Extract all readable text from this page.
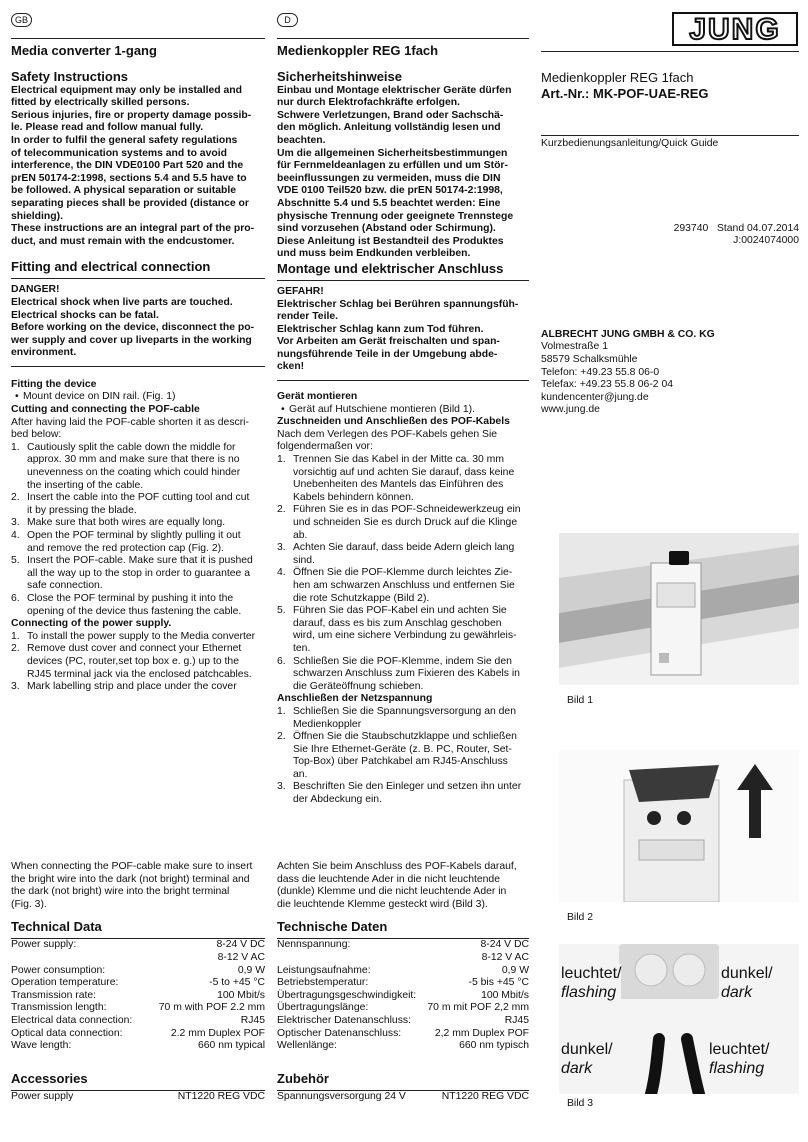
JUNG
GB
Media converter 1-gang
Safety Instructions

Electrical equipment may only be installed and

fitted by electrically skilled persons.

Serious injuries, fire or property damage possib-

le. Please read and follow manual fully.

In order to fulfil the general safety regulations

of telecommunication systems and to avoid

interference, the DIN VDE0100 Part 520 and the

prEN 50174-2:1998, sections 5.4 and 5.5 have to

be followed. A physical separation or suitable

separating pieces shall be provided (distance or

shielding).

These instructions are an integral part of the pro-

duct, and must remain with the endcustomer.

Fitting and electrical connection

DANGER!

Electrical shock when live parts are touched.

Electrical shocks can be fatal.

Before working on the device, disconnect the po-

wer supply and cover up liveparts in the working

environment.

Fitting the device

• Mount device on DIN rail. (Fig. 1)

Cutting and connecting the POF-cable

After having laid the POF-cable shorten it as descri-

bed below:

1. Cautiously split the cable down the middle for

approx. 30 mm and make sure that there is no

unevenness on the coating which could hinder

the inserting of the cable.

2. Insert the cable into the POF cutting tool and cut

it by pressing the blade.

3. Make sure that both wires are equally long.

4. Open the POF terminal by slightly pulling it out

and remove the red protection cap (Fig. 2).

5. Insert the POF-cable. Make sure that it is pushed

all the way up to the stop in order to guarantee a

safe connection.

6. Close the POF terminal by pushing it into the

opening of the device thus fastening the cable.

Connecting of the power supply.

1. To install the power supply to the Media converter

2. Remove dust cover and connect your Ethernet

devices (PC, router,set top box e. g.) up to the

RJ45 terminal jack via the enclosed patchcables.

3. Mark labelling strip and place under the cover

When connecting the POF-cable make sure to insert

the bright wire into the dark (not bright) terminal and

the dark (not bright) wire into the bright terminal

(Fig. 3).

Technical Data
Power supply:	8-24 V DC
	8-12 V AC
Power consumption:	0,9 W
Operation temperature:	-5 to +45 °C
Transmission rate:	100 Mbit/s
Transmission length:	70 m with POF 2.2 mm
Electrical data connection:	RJ45
Optical data connection:	2.2 mm Duplex POF
Wave length:	660 nm typical
Accessories
Power supply	NT1220 REG VDC
D
Medienkoppler REG 1fach
Sicherheitshinweise

Einbau und Montage elektrischer Geräte dürfen

nur durch Elektrofachkräfte erfolgen.

Schwere Verletzungen, Brand oder Sachschä-

den möglich. Anleitung vollständig lesen und

beachten.

Um die allgemeinen Sicherheitsbestimmungen

für Fernmeldeanlagen zu erfüllen und um Stör-

beeinflussungen zu vermeiden, muss die DIN

VDE 0100 Teil520 bzw. die prEN 50174-2:1998,

Abschnitte 5.4 und 5.5 beachtet werden: Eine

physische Trennung oder geeignete Trennstege

sind vorzusehen (Abstand oder Schirmung).

Diese Anleitung ist Bestandteil des Produktes

und muss beim Endkunden verbleiben.

Montage und elektrischer Anschluss

GEFAHR!

Elektrischer Schlag bei Berühren spannungsfüh-

render Teile.

Elektrischer Schlag kann zum Tod führen.

Vor Arbeiten am Gerät freischalten und span-

nungsführende Teile in der Umgebung abde-

cken!

Gerät montieren

• Gerät auf Hutschiene montieren (Bild 1).

Zuschneiden und Anschließen des POF-Kabels

Nach dem Verlegen des POF-Kabels gehen Sie

folgendermaßen vor:

1. Trennen Sie das Kabel in der Mitte ca. 30 mm

vorsichtig auf und achten Sie darauf, dass keine

Unebenheiten des Mantels das Einführen des

Kabels behindern können.

2. Führen Sie es in das POF-Schneidewerkzeug ein

und schneiden Sie es durch Druck auf die Klinge

ab.

3. Achten Sie darauf, dass beide Adern gleich lang

sind.

4. Öffnen Sie die POF-Klemme durch leichtes Zie-

hen am schwarzen Anschluss und entfernen Sie

die rote Schutzkappe (Bild 2).

5. Führen Sie das POF-Kabel ein und achten Sie

darauf, dass es bis zum Anschlag geschoben

wird, um eine sichere Verbindung zu gewährleis-

ten.

6. Schließen Sie die POF-Klemme, indem Sie den

schwarzen Anschluss zum Fixieren des Kabels in

die Geräteöffnung schieben.

Anschließen der Netzspannung

1. Schließen Sie die Spannungsversorgung an den

Medienkoppler

2. Öffnen Sie die Staubschutzklappe und schließen

Sie Ihre Ethernet-Geräte (z. B. PC, Router, Set-

Top-Box) über Patchkabel am RJ45-Anschluss

an.

3. Beschriften Sie den Einleger und setzen ihn unter

der Abdeckung ein.

Achten Sie beim Anschluss des POF-Kabels darauf,

dass die leuchtende Ader in die nicht leuchtende

(dunkle) Klemme und die nicht leuchtende Ader in

die leuchtende Klemme gesteckt wird (Bild 3).

Technische Daten
Nennspannung:	8-24 V DC
	8-12 V AC
Leistungsaufnahme:	0,9 W
Betriebstemperatur:	-5 bis +45 °C
Übertragungsgeschwindigkeit:	100 Mbit/s
Übertragungslänge:	70 m mit POF 2,2 mm
Elektrischer Datenanschluss:	RJ45
Optischer Datenanschluss:	2,2 mm Duplex POF
Wellenlänge:	660 nm typisch
Zubehör
Spannungsversorgung 24 V	NT1220 REG VDC

Medienkoppler REG 1fach

Art.-Nr.: MK-POF-UAE-REG

Kurzbedienungsanleitung/Quick Guide

293740 Stand 04.07.2014

J:0024074000

ALBRECHT JUNG GMBH & CO. KG

Volmestraße 1

58579 Schalksmühle

Telefon: +49.23 55.8 06-0

Telefax: +49.23 55.8 06-2 04

kundencenter@jung.de

www.jung.de

Bild 1

Bild 2

leuchtet/
flashing
dunkel/
dark
dunkel/
dark
leuchtet/
flashing

Bild 3
